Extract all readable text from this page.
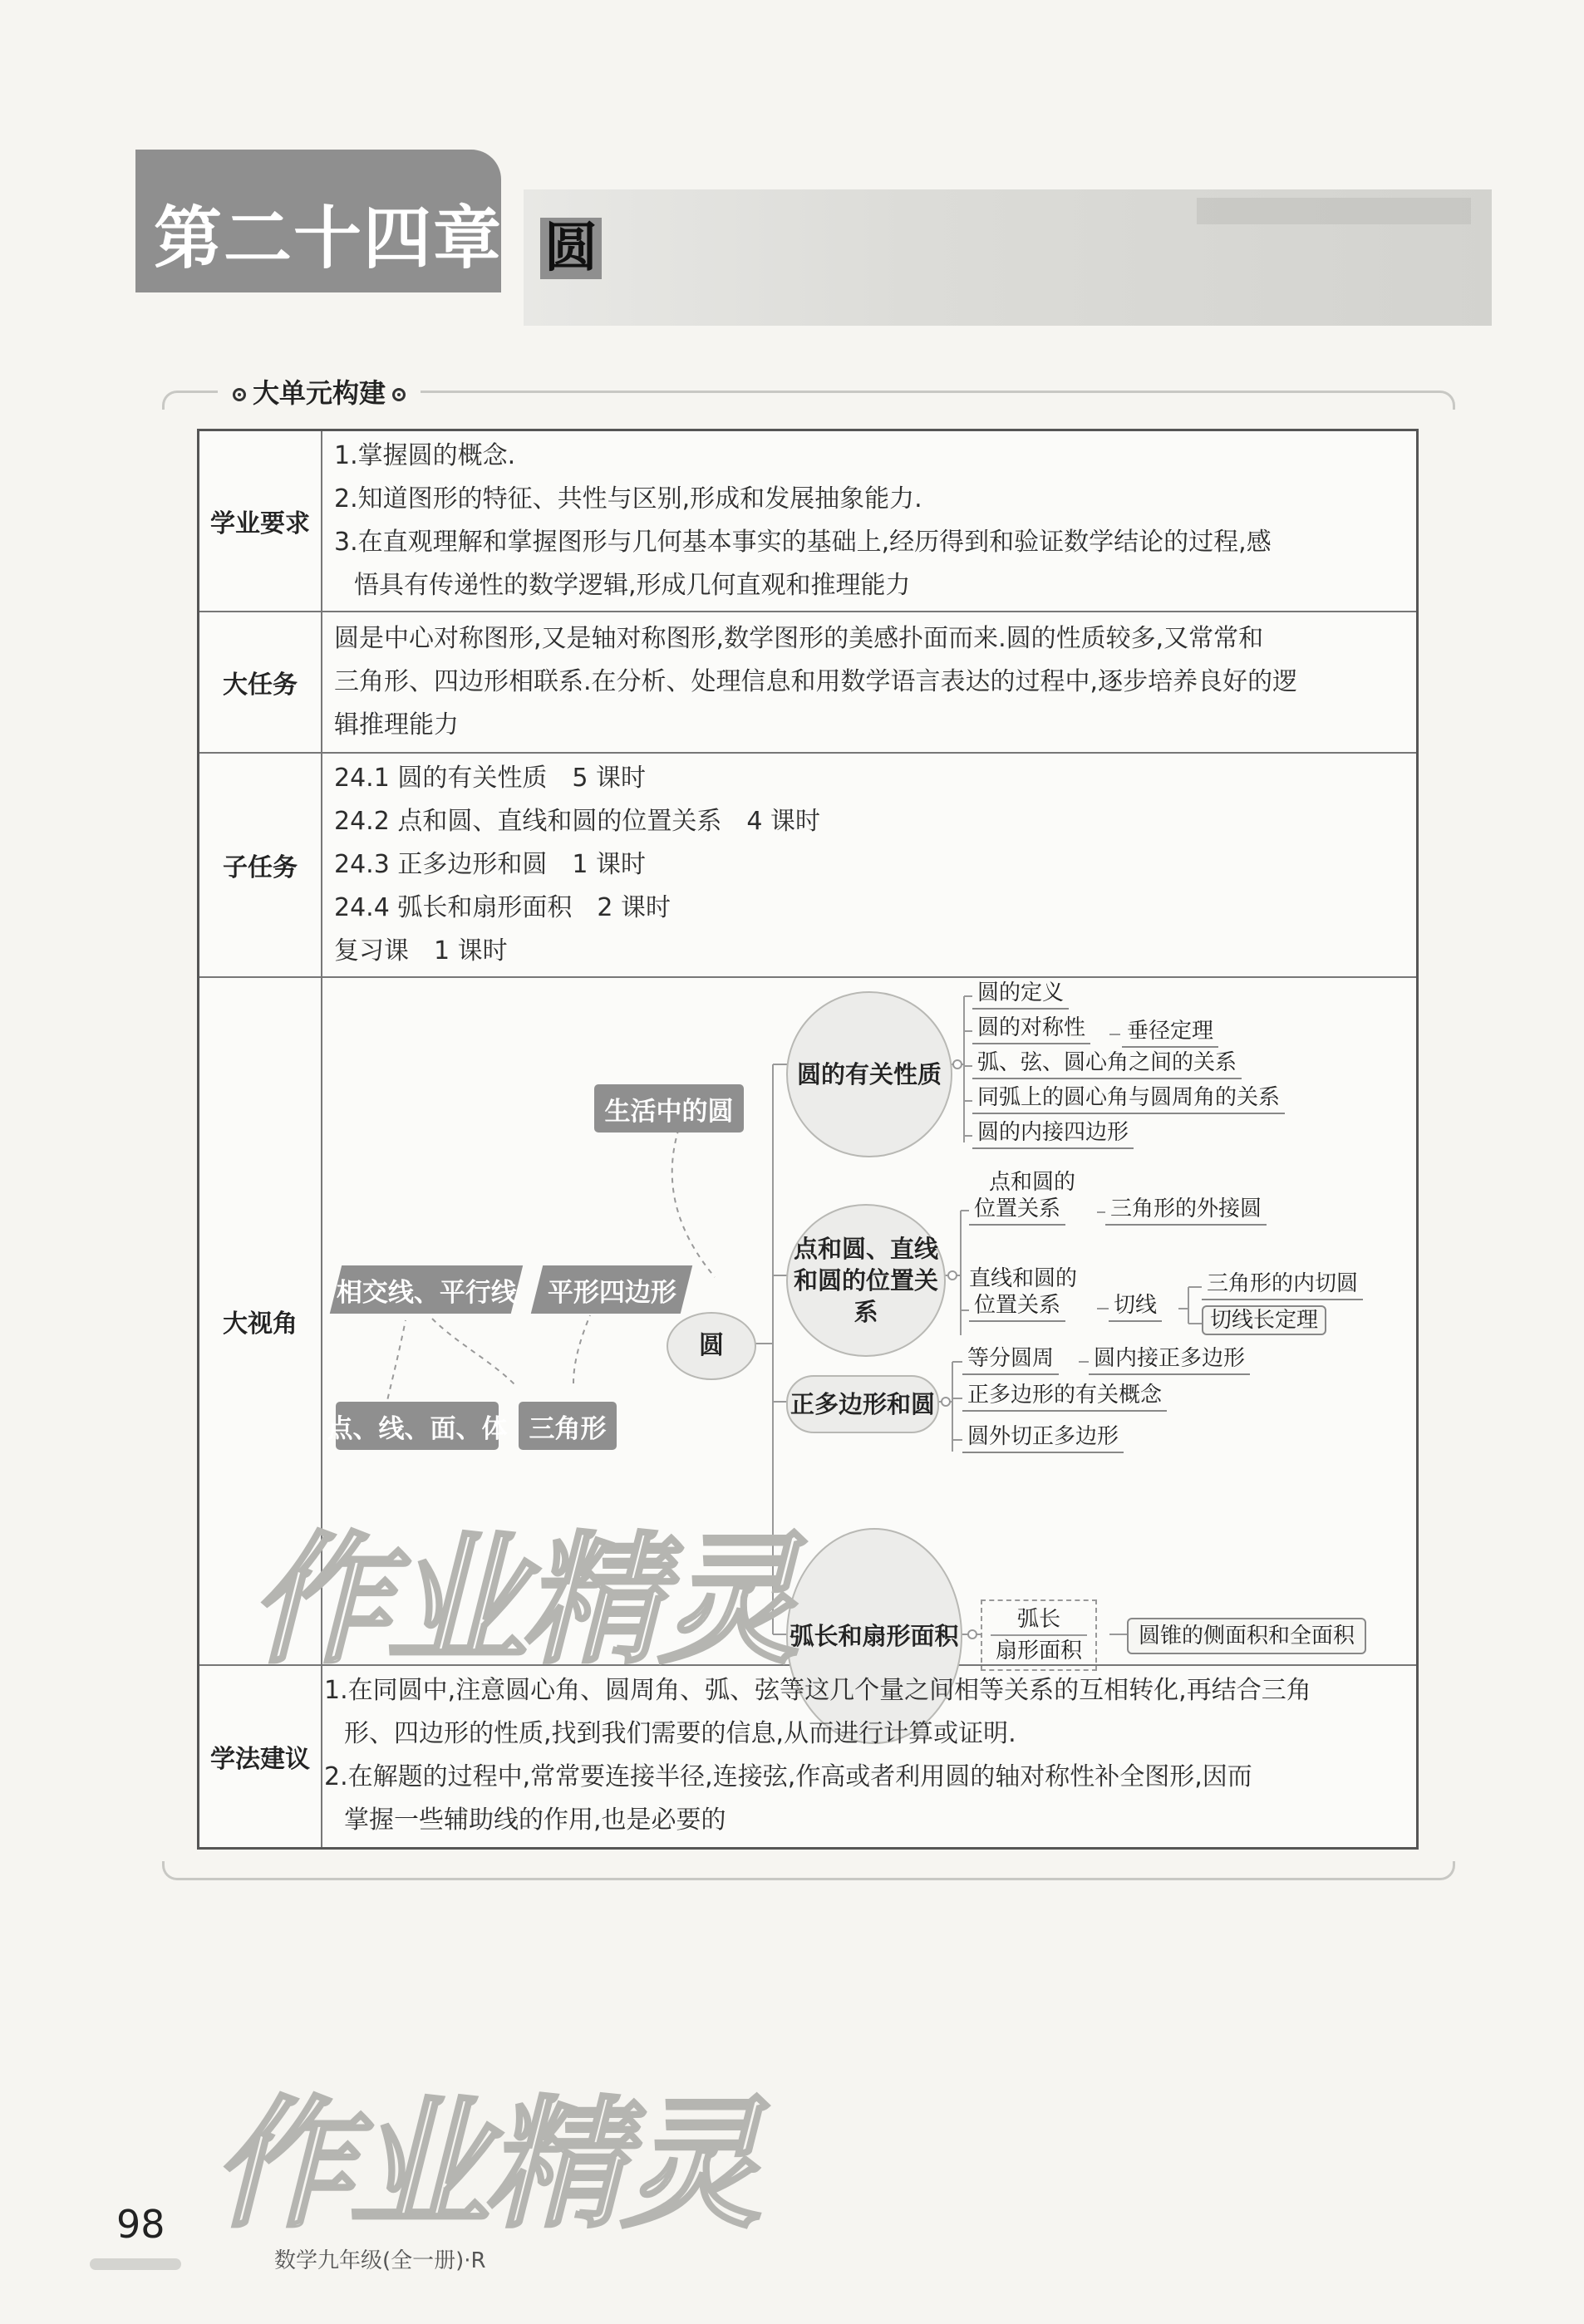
第二十四章 圆
大单元构建
学业要求

1.掌握圆的概念.

2.知道图形的特征、共性与区别,形成和发展抽象能力.

3.在直观理解和掌握图形与几何基本事实的基础上,经历得到和验证数学结论的过程,感

悟具有传递性的数学逻辑,形成几何直观和推理能力

大任务

圆是中心对称图形,又是轴对称图形,数学图形的美感扑面而来.圆的性质较多,又常常和

三角形、四边形相联系.在分析、处理信息和用数学语言表达的过程中,逐步培养良好的逻

辑推理能力

子任务

24.1 圆的有关性质　5 课时

24.2 点和圆、直线和圆的位置关系　4 课时

24.3 正多边形和圆　1 课时

24.4 弧长和扇形面积　2 课时

复习课　1 课时

大视角
圆
生活中的圆
相交线、平行线 平形四边形
点、线、面、体 三角形
圆的有关性质
点和圆、直线
和圆的位置关系
正多边形和圆
弧长和扇形面积
圆的定义
圆的对称性 垂径定理
弧、弦、圆心角之间的关系
同弧上的圆心角与圆周角的关系
圆的内接四边形
点和圆的
位置关系 三角形的外接圆
直线和圆的
位置关系 切线
三角形的内切圆
切线长定理
等分圆周 圆内接正多边形
正多边形的有关概念
圆外切正多边形
弧长
扇形面积
圆锥的侧面积和全面积
作业精灵
学法建议

1.在同圆中,注意圆心角、圆周角、弧、弦等这几个量之间相等关系的互相转化,再结合三角

形、四边形的性质,找到我们需要的信息,从而进行计算或证明.

2.在解题的过程中,常常要连接半径,连接弦,作高或者利用圆的轴对称性补全图形,因而

掌握一些辅助线的作用,也是必要的

作业精灵
98
数学九年级(全一册)·R
